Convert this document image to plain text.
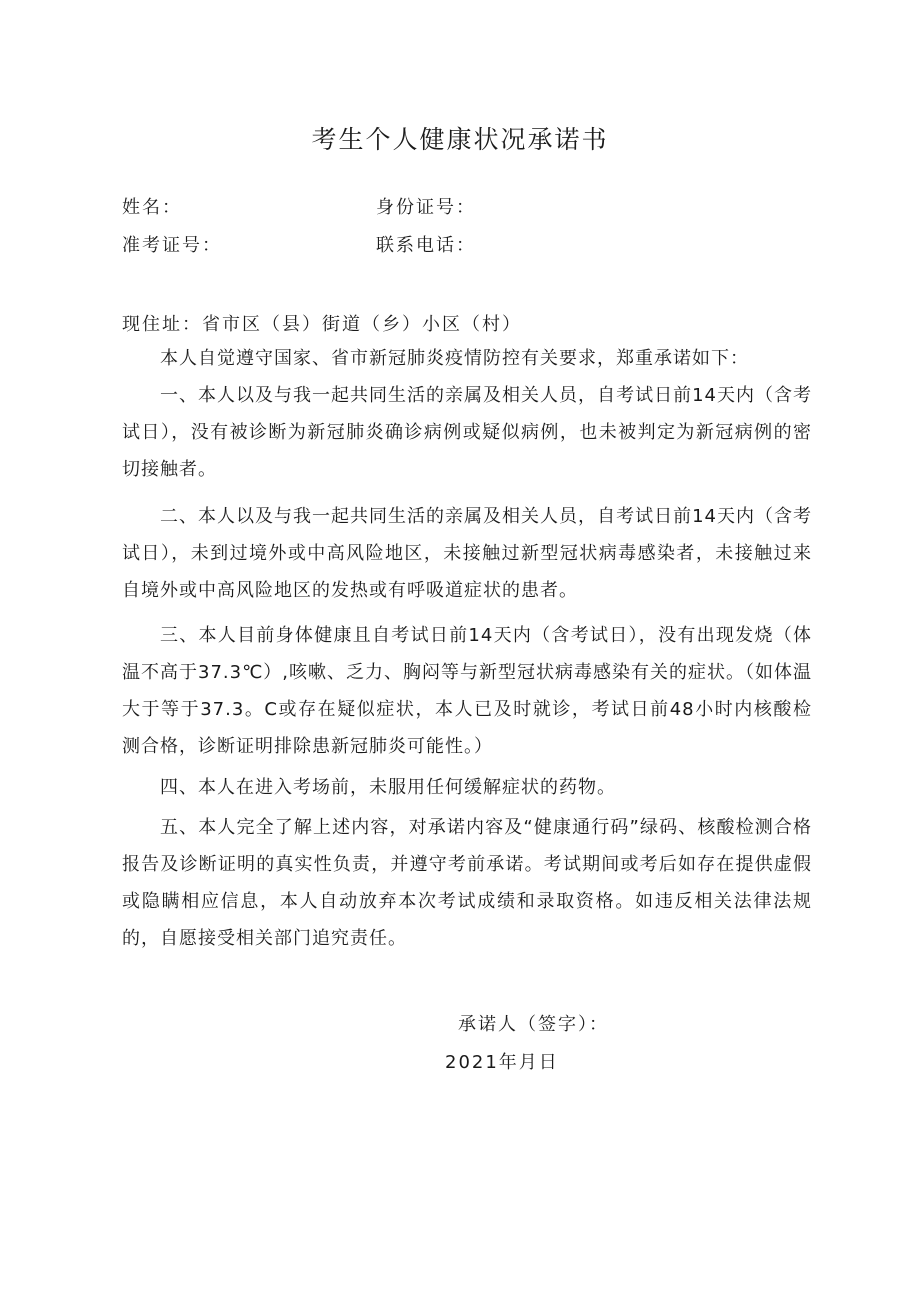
考生个人健康状况承诺书
姓名：	身份证号：
准考证号：	联系电话：
现住址：省市区（县）街道（乡）小区（村）

本人自觉遵守国家、省市新冠肺炎疫情防控有关要求，郑重承诺如下：

一、本人以及与我一起共同生活的亲属及相关人员，自考试日前14天内（含考试日），没有被诊断为新冠肺炎确诊病例或疑似病例，也未被判定为新冠病例的密切接触者。

二、本人以及与我一起共同生活的亲属及相关人员，自考试日前14天内（含考试日），未到过境外或中高风险地区，未接触过新型冠状病毒感染者，未接触过来自境外或中高风险地区的发热或有呼吸道症状的患者。

三、本人目前身体健康且自考试日前14天内（含考试日），没有出现发烧（体温不高于37.3℃）,咳嗽、乏力、胸闷等与新型冠状病毒感染有关的症状。（如体温大于等于37.3。C或存在疑似症状，本人已及时就诊，考试日前48小时内核酸检测合格，诊断证明排除患新冠肺炎可能性。）

四、本人在进入考场前，未服用任何缓解症状的药物。

五、本人完全了解上述内容，对承诺内容及“健康通行码”绿码、核酸检测合格报告及诊断证明的真实性负责，并遵守考前承诺。考试期间或考后如存在提供虚假或隐瞒相应信息，本人自动放弃本次考试成绩和录取资格。如违反相关法律法规的，自愿接受相关部门追究责任。

承诺人（签字）：
2021年月日
